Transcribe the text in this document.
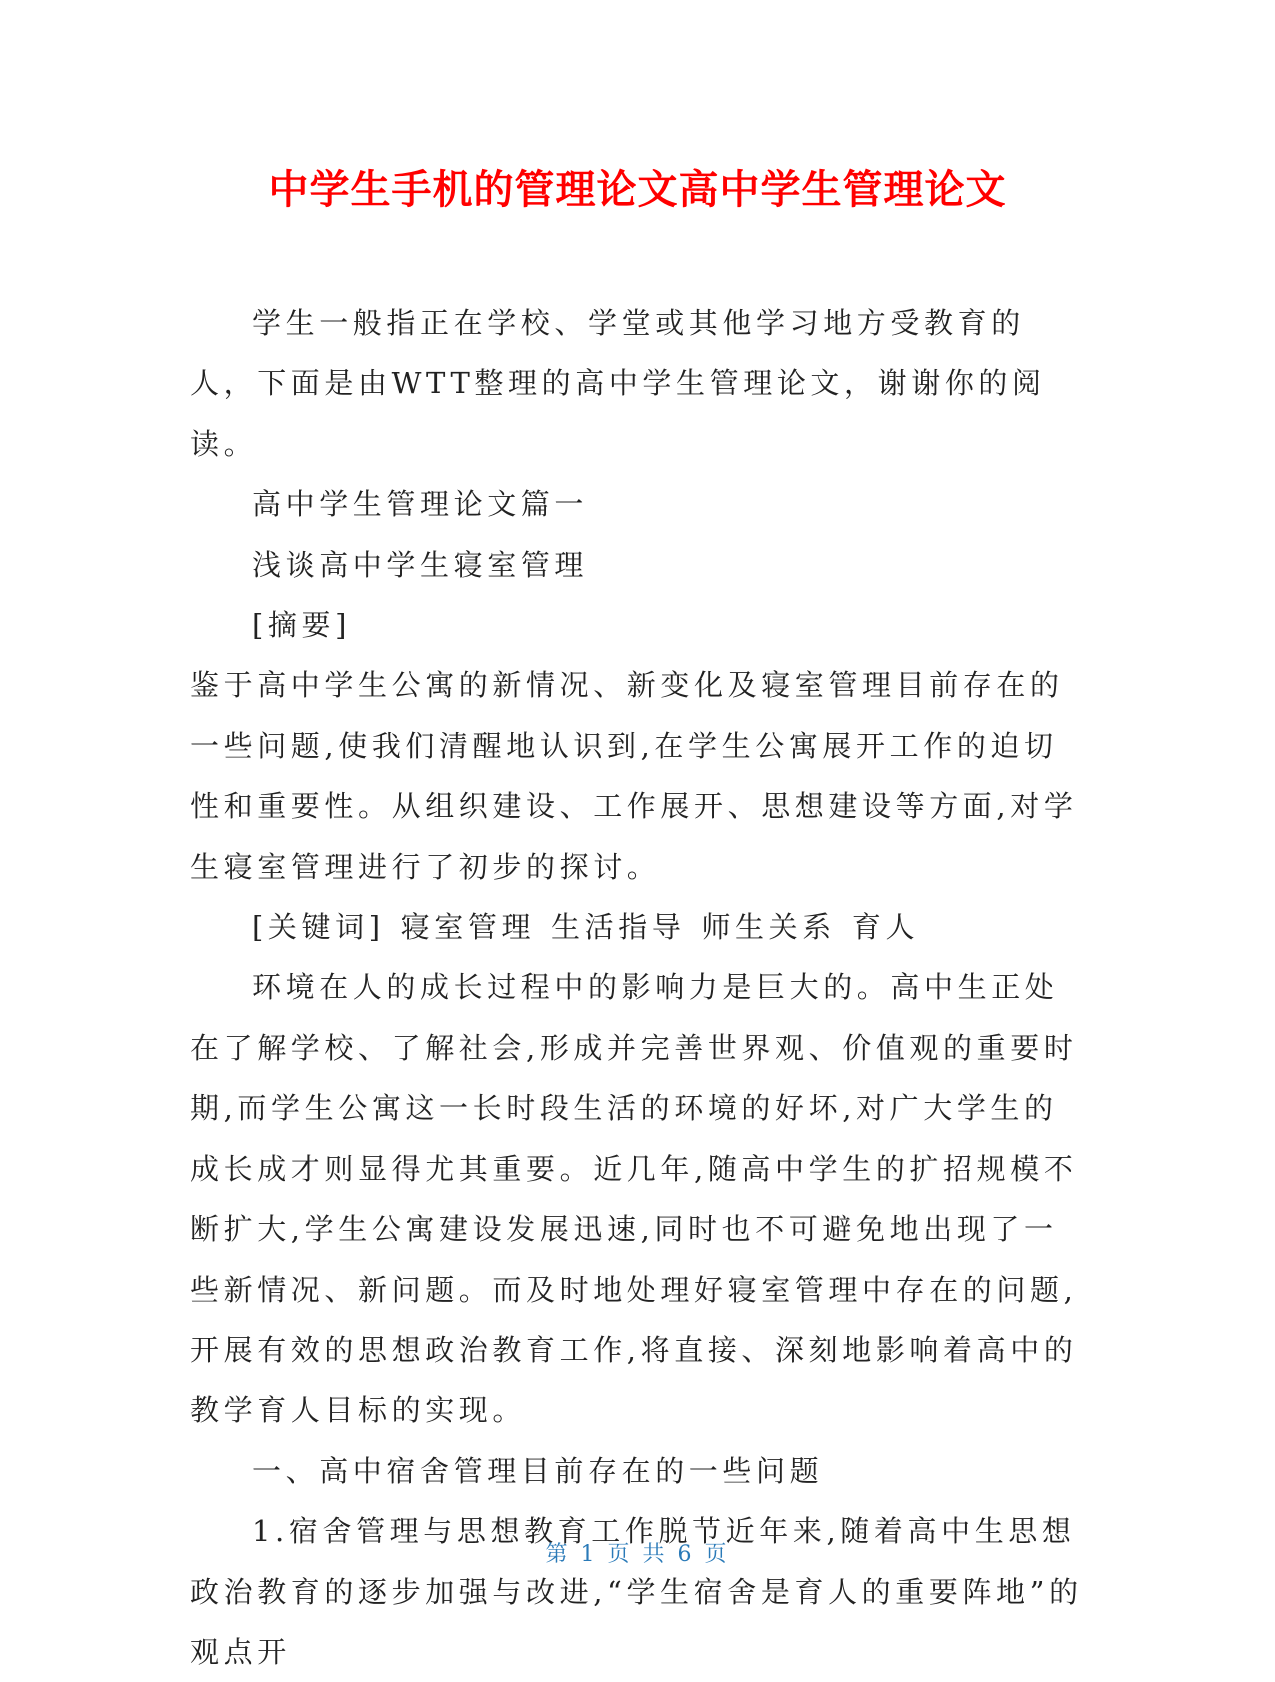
中学生手机的管理论文高中学生管理论文

学生一般指正在学校、学堂或其他学习地方受教育的人，下面是由WTT整理的高中学生管理论文，谢谢你的阅读。

高中学生管理论文篇一

浅谈高中学生寝室管理

[摘要]

鉴于高中学生公寓的新情况、新变化及寝室管理目前存在的一些问题,使我们清醒地认识到,在学生公寓展开工作的迫切性和重要性。从组织建设、工作展开、思想建设等方面,对学生寝室管理进行了初步的探讨。

[关键词] 寝室管理 生活指导 师生关系 育人

环境在人的成长过程中的影响力是巨大的。高中生正处在了解学校、了解社会,形成并完善世界观、价值观的重要时期,而学生公寓这一长时段生活的环境的好坏,对广大学生的成长成才则显得尤其重要。近几年,随高中学生的扩招规模不断扩大,学生公寓建设发展迅速,同时也不可避免地出现了一些新情况、新问题。而及时地处理好寝室管理中存在的问题,开展有效的思想政治教育工作,将直接、深刻地影响着高中的教学育人目标的实现。

一、高中宿舍管理目前存在的一些问题

1.宿舍管理与思想教育工作脱节近年来,随着高中生思想政治教育的逐步加强与改进,“学生宿舍是育人的重要阵地”的观点开

第 1 页 共 6 页
